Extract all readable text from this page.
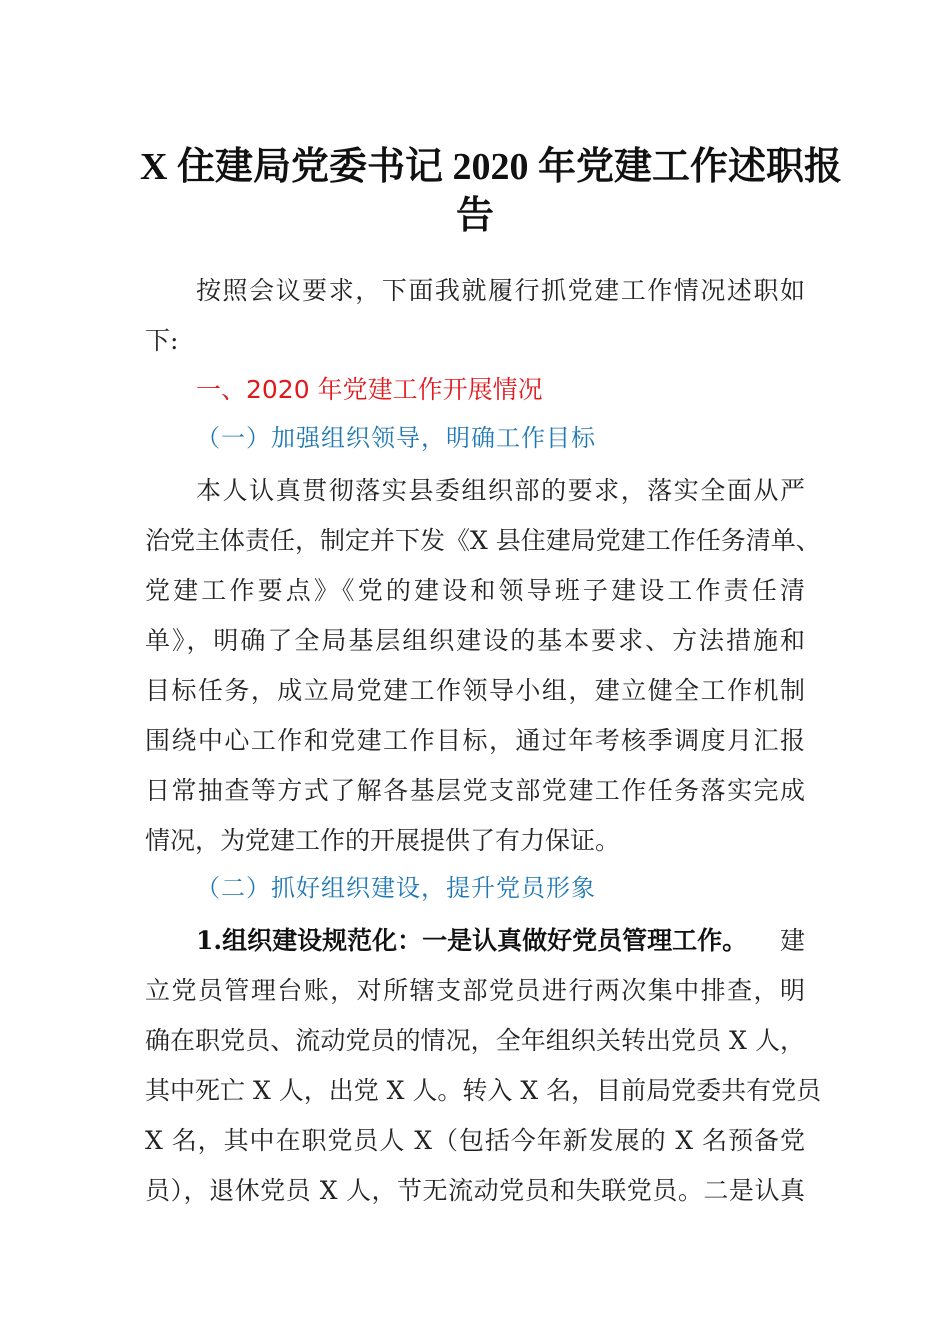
X 住建局党委书记 2020 年党建工作述职报
告
按照会议要求，下面我就履行抓党建工作情况述职如
下:
一、2020 年党建工作开展情况
（一）加强组织领导，明确工作目标
本人认真贯彻落实县委组织部的要求，落实全面从严
治党主体责任，制定并下发《X 县住建局党建工作任务清单、
党建工作要点》《党的建设和领导班子建设工作责任清
单》，明确了全局基层组织建设的基本要求、方法措施和
目标任务，成立局党建工作领导小组，建立健全工作机制
围绕中心工作和党建工作目标，通过年考核季调度月汇报
日常抽查等方式了解各基层党支部党建工作任务落实完成
情况，为党建工作的开展提供了有力保证。
（二）抓好组织建设，提升党员形象
1.组织建设规范化：一是认真做好党员管理工作。 建
立党员管理台账，对所辖支部党员进行两次集中排查，明
确在职党员、流动党员的情况，全年组织关转出党员 X 人，
其中死亡 X 人，出党 X 人。转入 X 名，目前局党委共有党员
X 名，其中在职党员人 X（包括今年新发展的 X 名预备党
员），退休党员 X 人，节无流动党员和失联党员。二是认真
